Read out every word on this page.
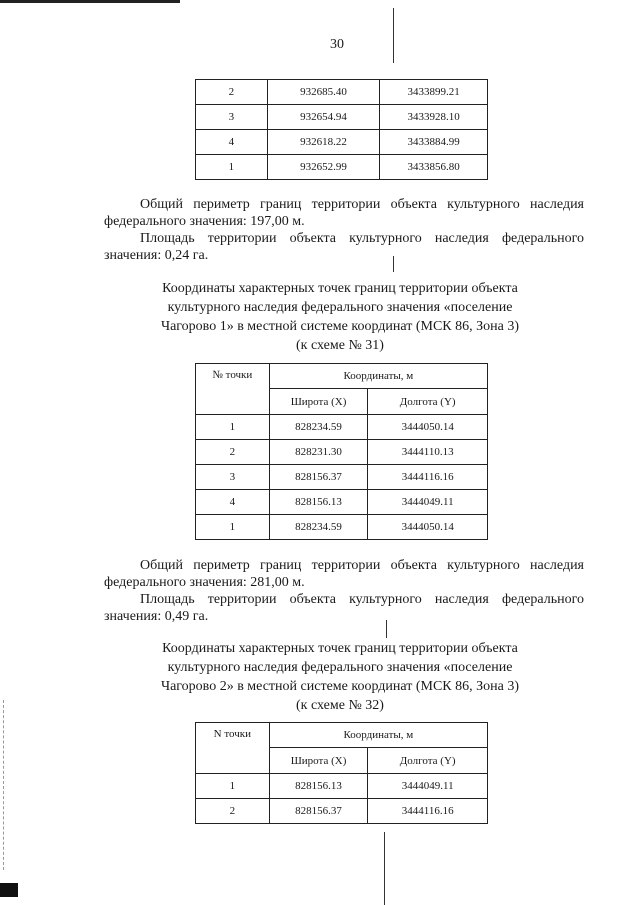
30
2	932685.40	3433899.21
3	932654.94	3433928.10
4	932618.22	3433884.99
1	932652.99	3433856.80
Общий периметр границ территории объекта культурного наследия федерального значения: 197,00 м.
Площадь территории объекта культурного наследия федерального значения: 0,24 га.
Координаты характерных точек границ территории объекта
культурного наследия федерального значения «поселение
Чагорово 1» в местной системе координат (МСК 86, Зона 3)
(к схеме № 31)
№ точки	Координаты, м	
	Широта (X)	Долгота (Y)
1	828234.59	3444050.14
2	828231.30	3444110.13
3	828156.37	3444116.16
4	828156.13	3444049.11
1	828234.59	3444050.14
Общий периметр границ территории объекта культурного наследия федерального значения: 281,00 м.
Площадь территории объекта культурного наследия федерального значения: 0,49 га.
Координаты характерных точек границ территории объекта
культурного наследия федерального значения «поселение
Чагорово 2» в местной системе координат (МСК 86, Зона 3)
(к схеме № 32)
N точки	Координаты, м	
	Широта (X)	Долгота (Y)
1	828156.13	3444049.11
2	828156.37	3444116.16
